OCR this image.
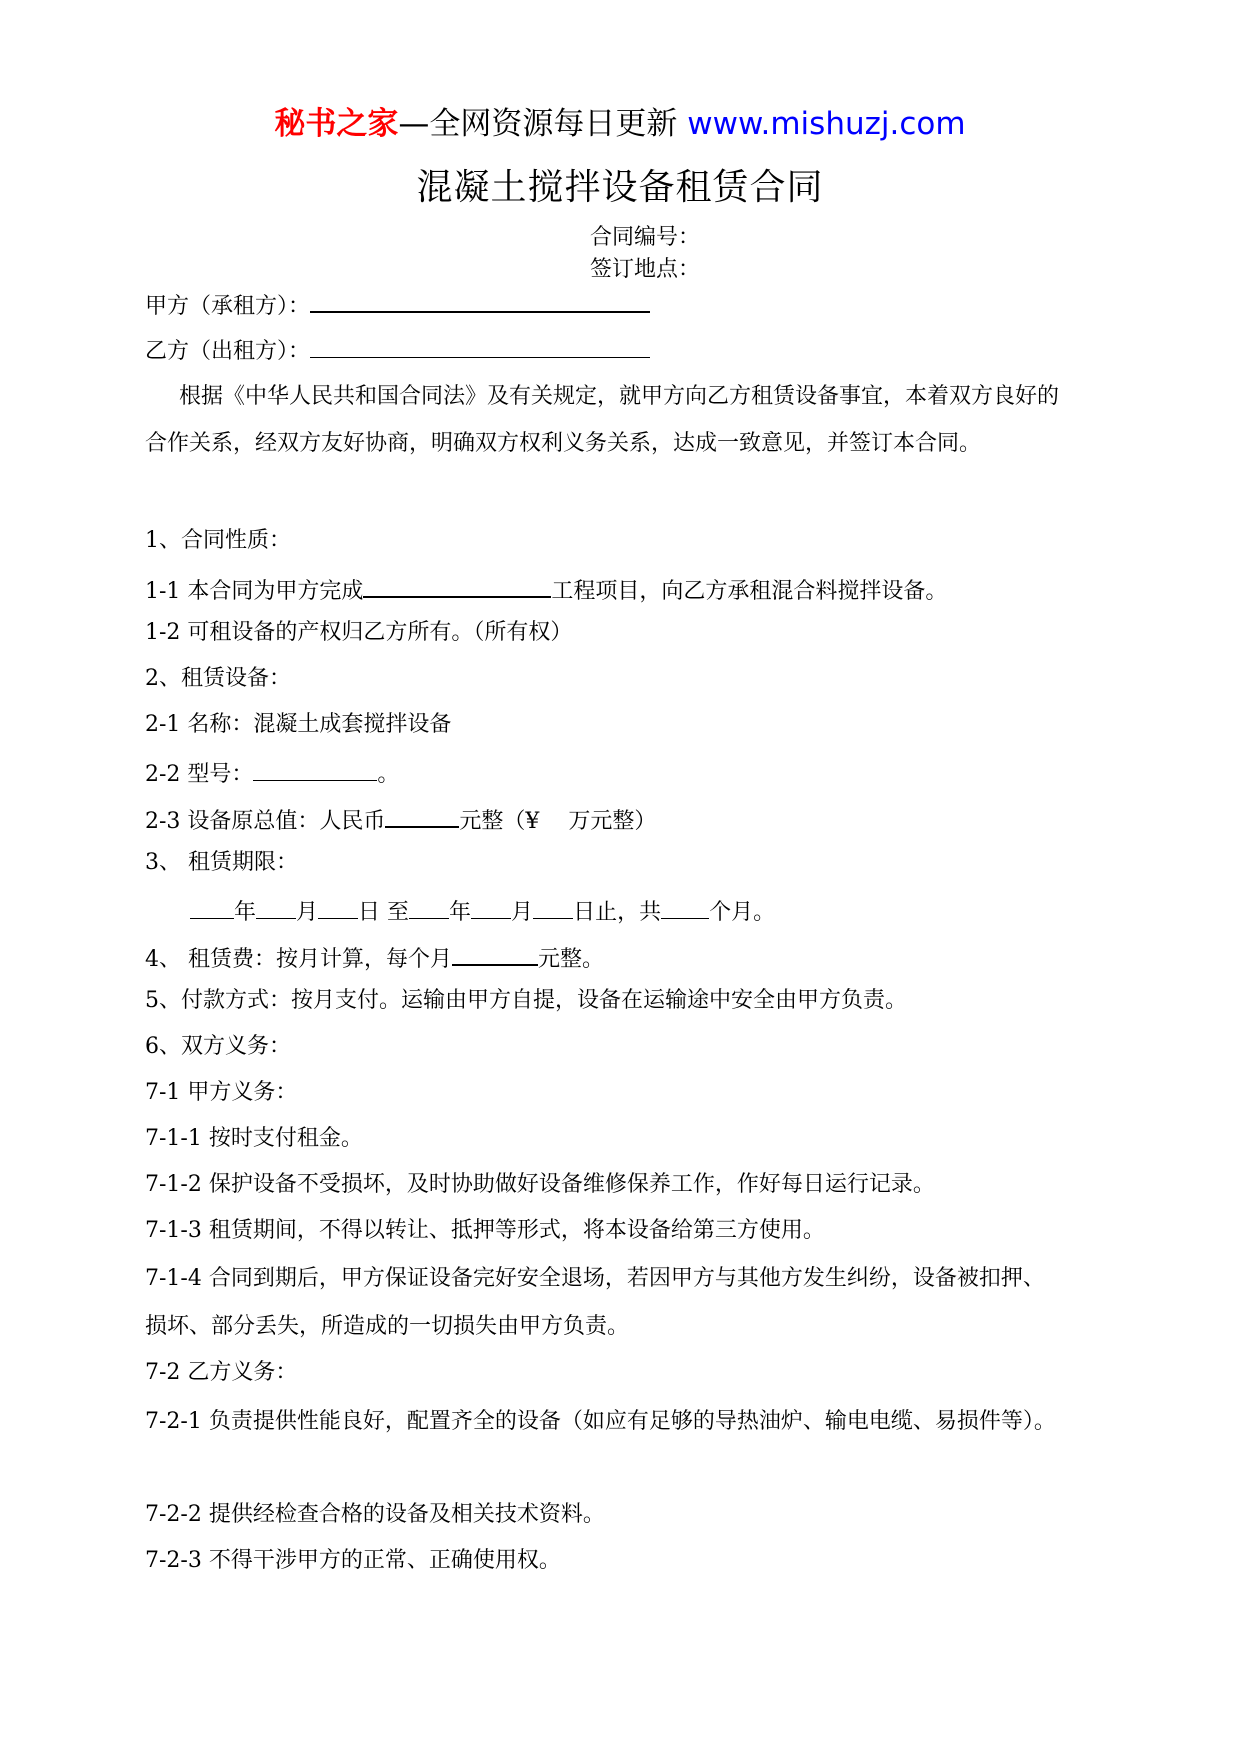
秘书之家—全网资源每日更新 www.mishuzj.com
混凝土搅拌设备租赁合同
合同编号：
签订地点：
甲方（承租方）：
乙方（出租方）：
根据《中华人民共和国合同法》及有关规定，就甲方向乙方租赁设备事宜，本着双方良好的合作关系，经双方友好协商，明确双方权利义务关系，达成一致意见，并签订本合同。
1、合同性质：
1-1 本合同为甲方完成	工程项目，向乙方承租混合料搅拌设备。
1-2 可租设备的产权归乙方所有。（所有权）
2、租赁设备：
2-1 名称：混凝土成套搅拌设备
2-2 型号：	。
2-3 设备原总值：人民币	元整（¥　 万元整）
3、 租赁期限：
年 月 日 至 年 月 日止，共 个月。
4、 租赁费：按月计算，每个月	元整。
5、付款方式：按月支付。运输由甲方自提，设备在运输途中安全由甲方负责。
6、双方义务：
7-1 甲方义务：
7-1-1 按时支付租金。
7-1-2 保护设备不受损坏，及时协助做好设备维修保养工作，作好每日运行记录。
7-1-3 租赁期间，不得以转让、抵押等形式，将本设备给第三方使用。
7-1-4 合同到期后，甲方保证设备完好安全退场，若因甲方与其他方发生纠纷，设备被扣押、损坏、部分丢失，所造成的一切损失由甲方负责。
7-2 乙方义务：
7-2-1 负责提供性能良好，配置齐全的设备（如应有足够的导热油炉、输电电缆、易损件等）。
7-2-2 提供经检查合格的设备及相关技术资料。
7-2-3 不得干涉甲方的正常、正确使用权。
